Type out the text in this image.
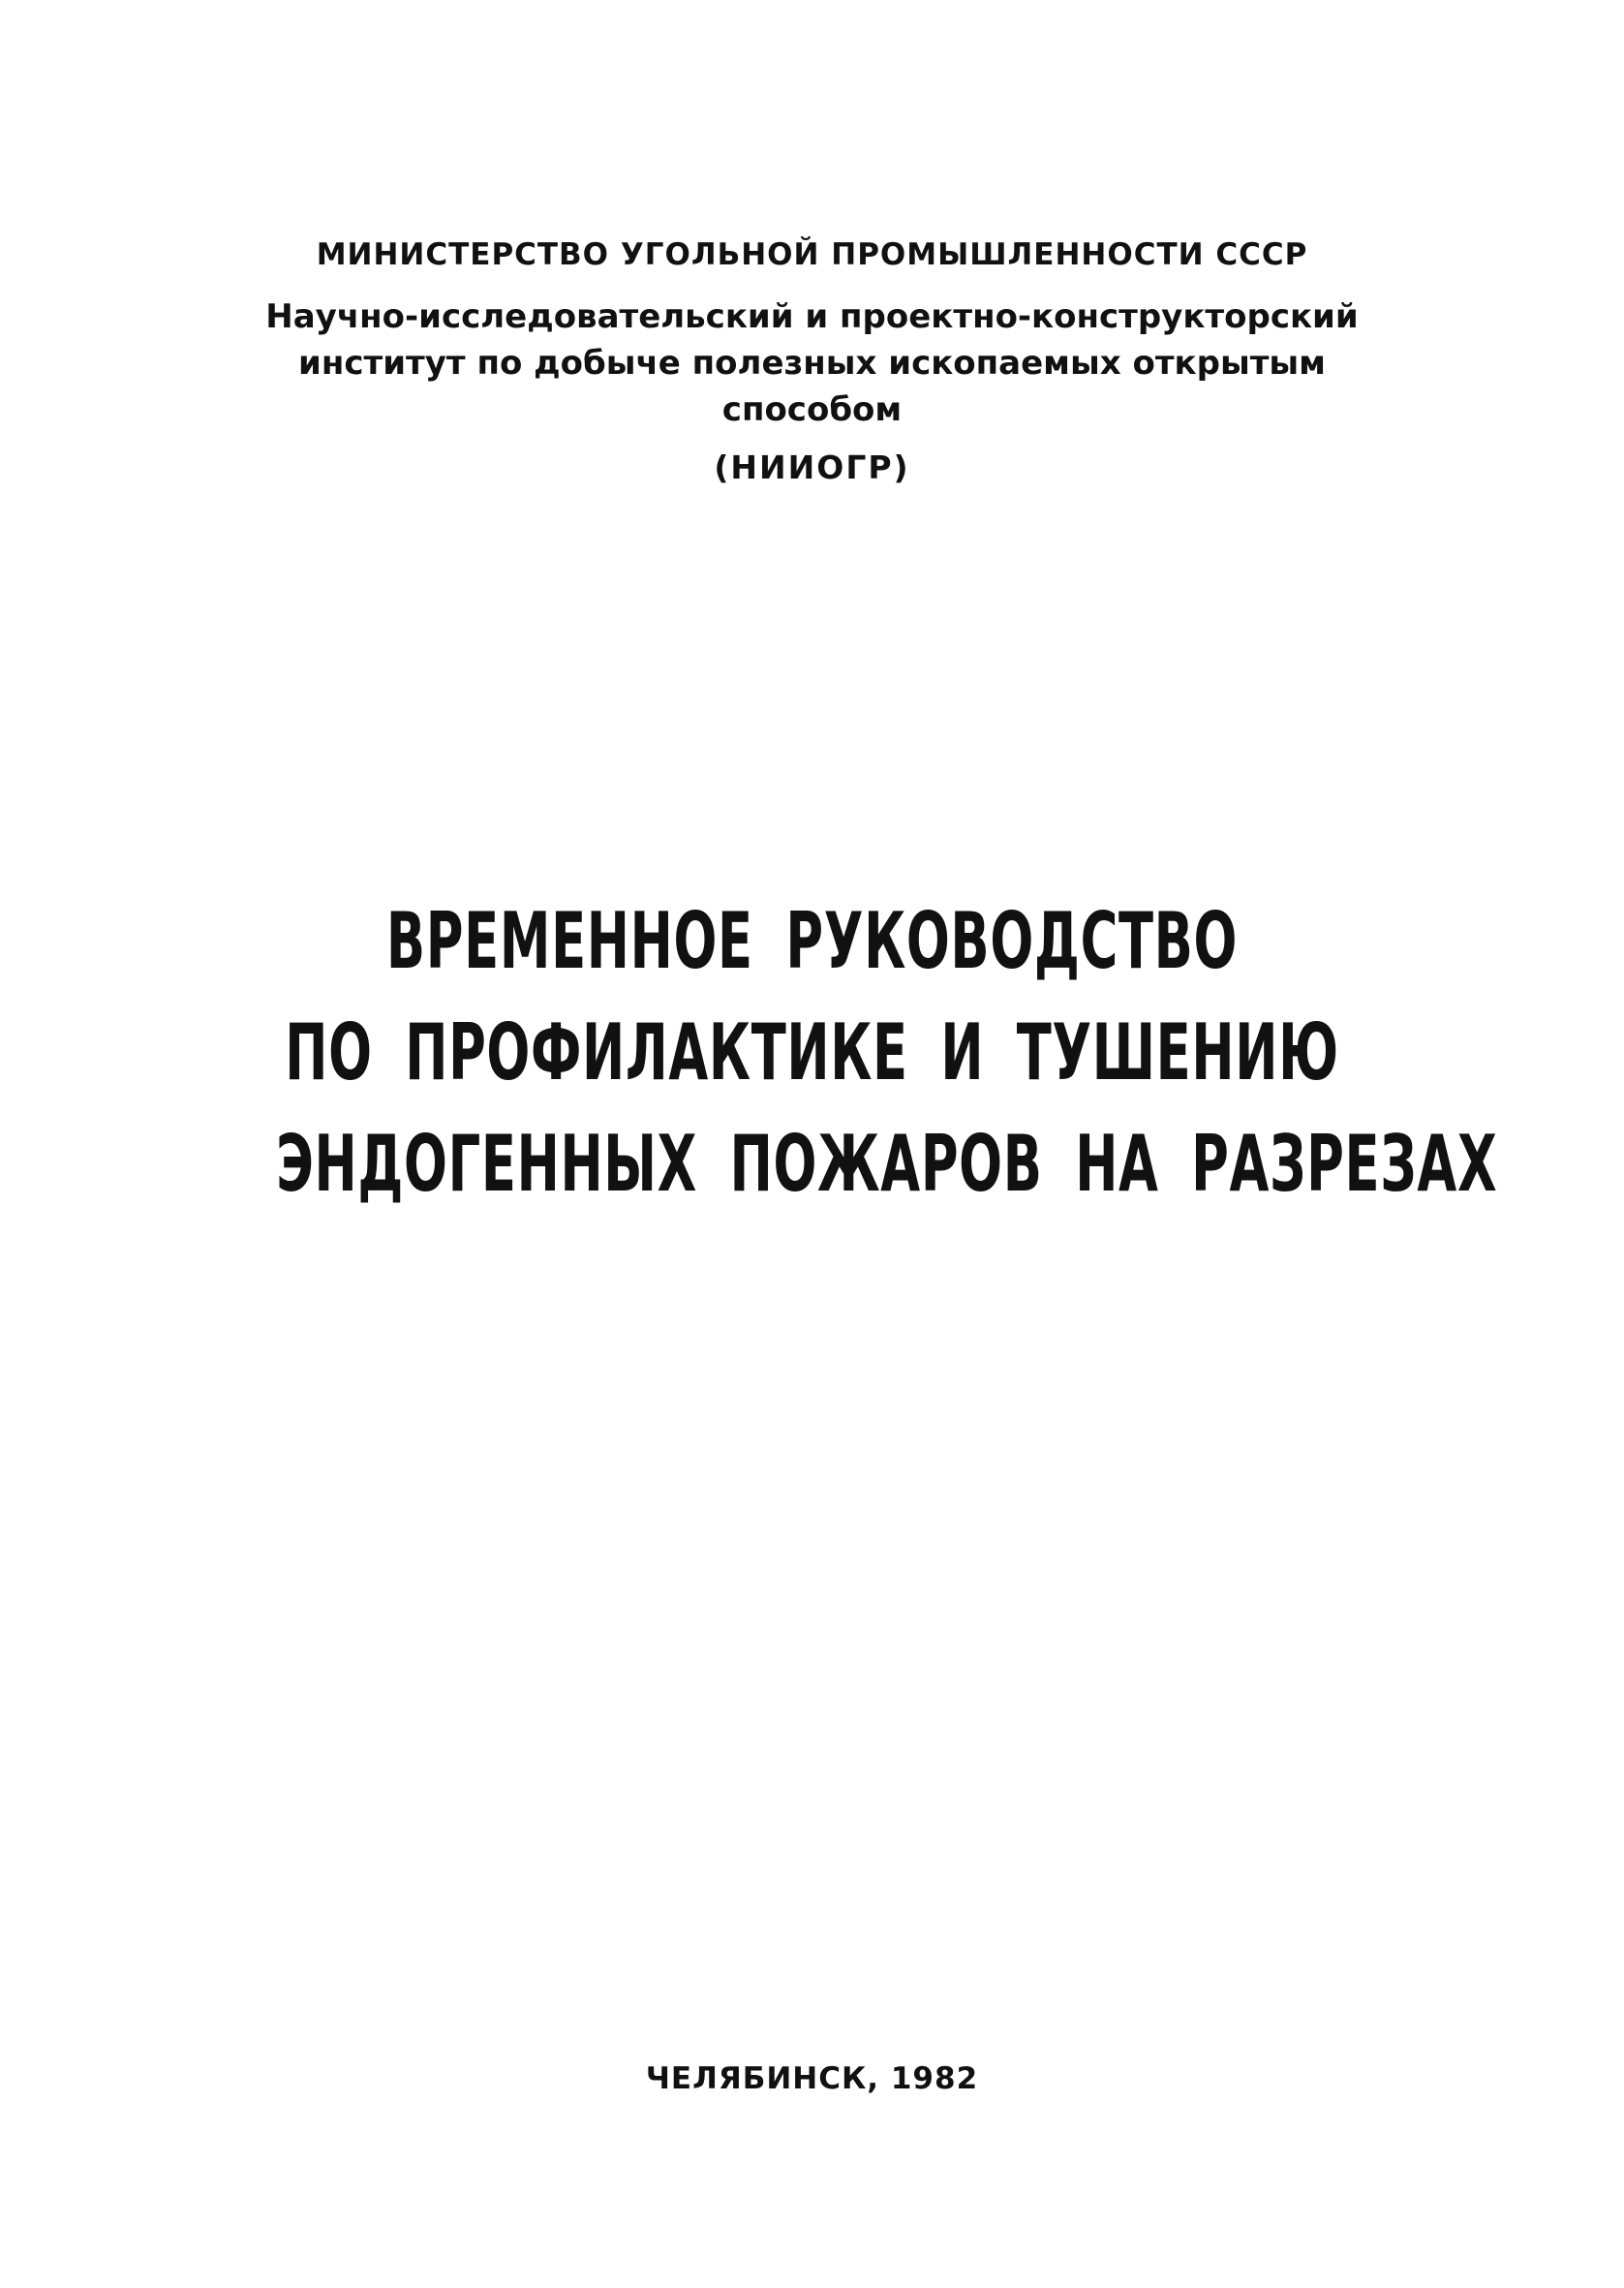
МИНИСТЕРСТВО УГОЛЬНОЙ ПРОМЫШЛЕННОСТИ СССР
Научно-исследовательский и проектно-конструкторский
институт по добыче полезных ископаемых открытым
способом
(НИИОГР)
ВРЕМЕННОЕ РУКОВОДСТВО
ПО ПРОФИЛАКТИКЕ И ТУШЕНИЮ
ЭНДОГЕННЫХ ПОЖАРОВ НА РАЗРЕЗАХ
ЧЕЛЯБИНСК, 1982
